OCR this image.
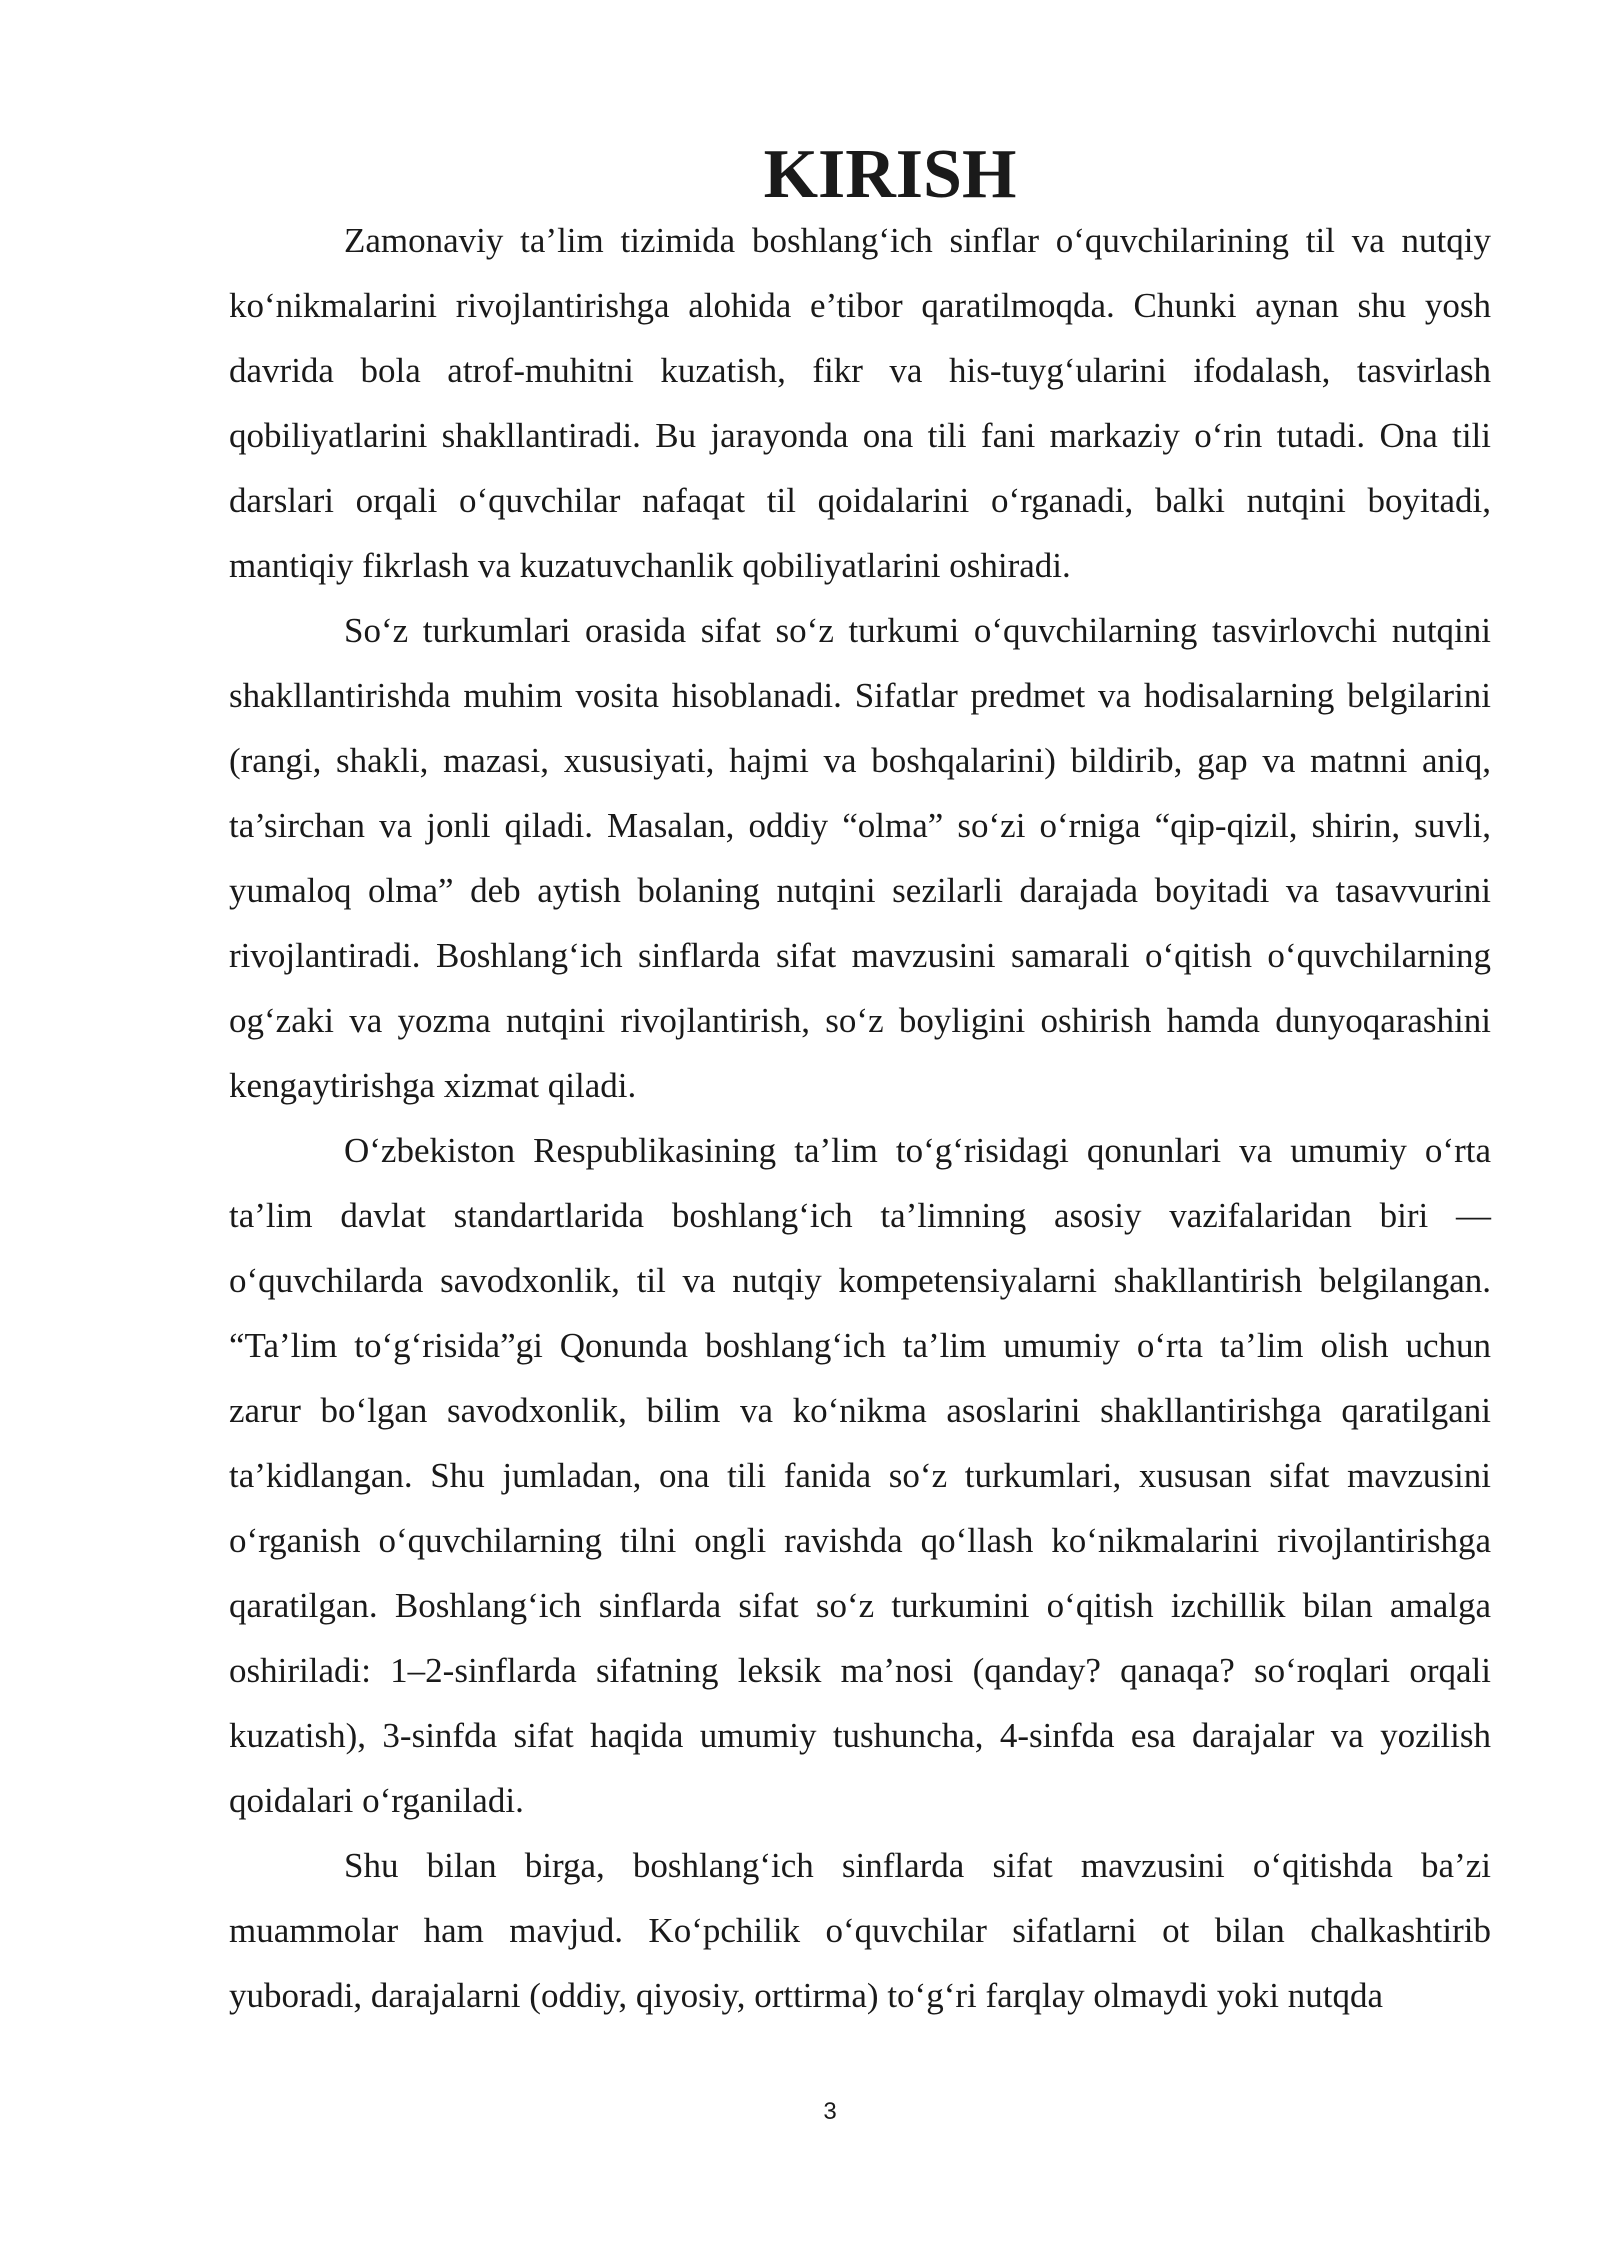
KIRISH

Zamonaviy ta’lim tizimida boshlang‘ich sinflar o‘quvchilarining til va nutqiy ko‘nikmalarini rivojlantirishga alohida e’tibor qaratilmoqda. Chunki aynan shu yosh davrida bola atrof-muhitni kuzatish, fikr va his-tuyg‘ularini ifodalash, tasvirlash qobiliyatlarini shakllantiradi. Bu jarayonda ona tili fani markaziy o‘rin tutadi. Ona tili darslari orqali o‘quvchilar nafaqat til qoidalarini o‘rganadi, balki nutqini boyitadi, mantiqiy fikrlash va kuzatuvchanlik qobiliyatlarini oshiradi.

So‘z turkumlari orasida sifat so‘z turkumi o‘quvchilarning tasvirlovchi nutqini shakllantirishda muhim vosita hisoblanadi. Sifatlar predmet va hodisalarning belgilarini (rangi, shakli, mazasi, xususiyati, hajmi va boshqalarini) bildirib, gap va matnni aniq, ta’sirchan va jonli qiladi. Masalan, oddiy “olma” so‘zi o‘rniga “qip-qizil, shirin, suvli, yumaloq olma” deb aytish bolaning nutqini sezilarli darajada boyitadi va tasavvurini rivojlantiradi. Boshlang‘ich sinflarda sifat mavzusini samarali o‘qitish o‘quvchilarning og‘zaki va yozma nutqini rivojlantirish, so‘z boyligini oshirish hamda dunyoqarashini kengaytirishga xizmat qiladi.

O‘zbekiston Respublikasining ta’lim to‘g‘risidagi qonunlari va umumiy o‘rta ta’lim davlat standartlarida boshlang‘ich ta’limning asosiy vazifalaridan biri — o‘quvchilarda savodxonlik, til va nutqiy kompetensiyalarni shakllantirish belgilangan. “Ta’lim to‘g‘risida”gi Qonunda boshlang‘ich ta’lim umumiy o‘rta ta’lim olish uchun zarur bo‘lgan savodxonlik, bilim va ko‘nikma asoslarini shakllantirishga qaratilgani ta’kidlangan. Shu jumladan, ona tili fanida so‘z turkumlari, xususan sifat mavzusini o‘rganish o‘quvchilarning tilni ongli ravishda qo‘llash ko‘nikmalarini rivojlantirishga qaratilgan. Boshlang‘ich sinflarda sifat so‘z turkumini o‘qitish izchillik bilan amalga oshiriladi: 1–2-sinflarda sifatning leksik ma’nosi (qanday? qanaqa? so‘roqlari orqali kuzatish), 3-sinfda sifat haqida umumiy tushuncha, 4-sinfda esa darajalar va yozilish qoidalari o‘rganiladi.

Shu bilan birga, boshlang‘ich sinflarda sifat mavzusini o‘qitishda ba’zi muammolar ham mavjud. Ko‘pchilik o‘quvchilar sifatlarni ot bilan chalkashtirib yuboradi, darajalarni (oddiy, qiyosiy, orttirma) to‘g‘ri farqlay olmaydi yoki nutqda

3
